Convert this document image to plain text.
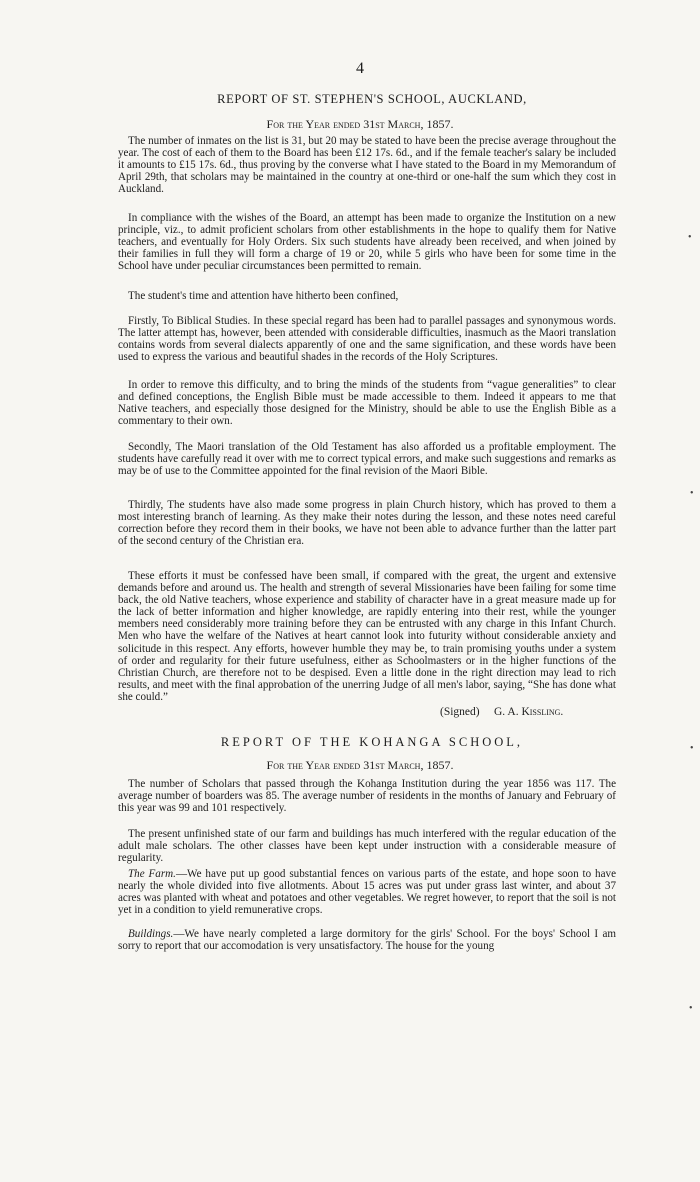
4
REPORT OF ST. STEPHEN'S SCHOOL, AUCKLAND,
For the Year ended 31st March, 1857.

The number of inmates on the list is 31, but 20 may be stated to have been the precise average throughout the year. The cost of each of them to the Board has been £12 17s. 6d., and if the female teacher's salary be included it amounts to £15 17s. 6d., thus proving by the converse what I have stated to the Board in my Memorandum of April 29th, that scholars may be maintained in the country at one-third or one-half the sum which they cost in Auckland.

In compliance with the wishes of the Board, an attempt has been made to organize the Institution on a new principle, viz., to admit proficient scholars from other establishments in the hope to qualify them for Native teachers, and eventually for Holy Orders. Six such students have already been received, and when joined by their families in full they will form a charge of 19 or 20, while 5 girls who have been for some time in the School have under peculiar circumstances been permitted to remain.

The student's time and attention have hitherto been confined,

Firstly, To Biblical Studies. In these special regard has been had to parallel passages and synonymous words. The latter attempt has, however, been attended with considerable difficulties, inasmuch as the Maori translation contains words from several dialects apparently of one and the same signification, and these words have been used to express the various and beautiful shades in the records of the Holy Scriptures.

In order to remove this difficulty, and to bring the minds of the students from “vague generalities” to clear and defined conceptions, the English Bible must be made accessible to them. Indeed it appears to me that Native teachers, and especially those designed for the Ministry, should be able to use the English Bible as a commentary to their own.

Secondly, The Maori translation of the Old Testament has also afforded us a profitable employment. The students have carefully read it over with me to correct typical errors, and make such suggestions and remarks as may be of use to the Committee appointed for the final revision of the Maori Bible.

Thirdly, The students have also made some progress in plain Church history, which has proved to them a most interesting branch of learning. As they make their notes during the lesson, and these notes need careful correction before they record them in their books, we have not been able to advance further than the latter part of the second century of the Christian era.

These efforts it must be confessed have been small, if compared with the great, the urgent and extensive demands before and around us. The health and strength of several Missionaries have been failing for some time back, the old Native teachers, whose experience and stability of character have in a great measure made up for the lack of better information and higher knowledge, are rapidly entering into their rest, while the younger members need considerably more training before they can be entrusted with any charge in this Infant Church. Men who have the welfare of the Natives at heart cannot look into futurity without considerable anxiety and solicitude in this respect. Any efforts, however humble they may be, to train promising youths under a system of order and regularity for their future usefulness, either as Schoolmasters or in the higher functions of the Christian Church, are therefore not to be despised. Even a little done in the right direction may lead to rich results, and meet with the final approbation of the unerring Judge of all men's labor, saying, “She has done what she could.”

(Signed) G. A. Kissling.
REPORT OF THE KOHANGA SCHOOL,
For the Year ended 31st March, 1857.

The number of Scholars that passed through the Kohanga Institution during the year 1856 was 117. The average number of boarders was 85. The average number of residents in the months of January and February of this year was 99 and 101 respectively.

The present unfinished state of our farm and buildings has much interfered with the regular education of the adult male scholars. The other classes have been kept under instruction with a considerable measure of regularity.

The Farm.—We have put up good substantial fences on various parts of the estate, and hope soon to have nearly the whole divided into five allotments. About 15 acres was put under grass last winter, and about 37 acres was planted with wheat and potatoes and other vegetables. We regret however, to report that the soil is not yet in a condition to yield remunerative crops.

Buildings.—We have nearly completed a large dormitory for the girls' School. For the boys' School I am sorry to report that our accomodation is very unsatisfactory. The house for the young

•
•
•
•
